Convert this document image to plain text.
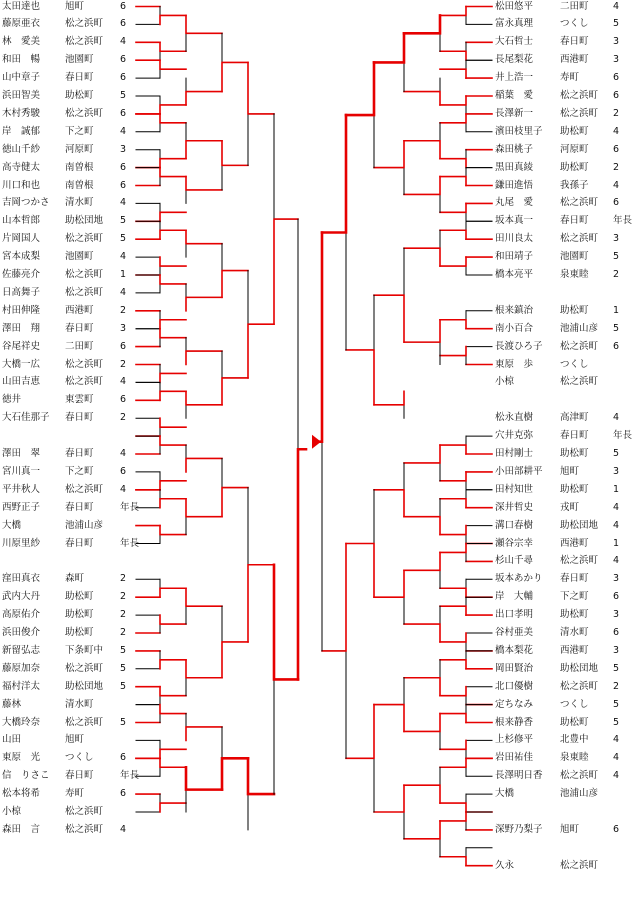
太田達也	旭町	6
藤原亜衣	松之浜町 6
林　愛美	松之浜町 4
和田　暢	池園町	6
山中章子	春日町	6
浜田智美	助松町	5
木村秀駿	松之浜町 6
岸　誠郁	下之町	4
徳山千紗	河原町	3
高寺健太	南曽根	6
川口和也	南曽根	6
吉岡つかさ 清水町	4
山本哲郎	助松団地 5
片岡国人	松之浜町 5
宮本成梨	池園町	4
佐藤亮介	松之浜町 1
日高舞子	松之浜町 4
村田伸隆	西港町	2
澤田　翔	春日町	3
谷尾祥史	二田町	6
大橋一広	松之浜町 2
山田吉恵	松之浜町 4
徳井	東雲町	6
大石佳那子 春日町	2
澤田　翠	春日町	4
宮川真一	下之町	6
平井秋人	松之浜町 4
西野正子	春日町	年長
大橋	池浦山彦
川原里紗	春日町	年長
窪田真衣	森町	2
武内大丹	助松町	2
高原佑介	助松町	2
浜田俊介	助松町	2
新留弘志	下条町中 5
藤原加奈	松之浜町 5
福村洋太	助松団地 5
藤林	清水町
大橋玲奈	松之浜町 5
山田	旭町
東原　光	つくし	6
信　りさこ 春日町	年長
松本将希	寿町	6
小椋	松之浜町
森田　言	松之浜町 4
松田悠平	二田町	4
富永真理	つくし	5
大石哲士	春日町	3
長尾梨花	西港町	3
井上浩一	寿町	6
稲葉　愛	松之浜町 6
長澤新一	松之浜町 2
濱田枝里子 助松町	4
森田桃子	河原町	6
黒田真綾	助松町	2
鎌田進悟	我孫子	4
丸尾　愛	松之浜町 6
坂本真一	春日町	年長
田川良太	松之浜町 3
和田靖子	池園町	5
橋本亮平	泉東睦	2
根来鎮治	助松町	1
南小百合	池浦山彦 5
長渡ひろ子 松之浜町 6
東原　歩	つくし
小椋	松之浜町
松永直樹	高津町	4
穴井克弥	春日町	年長
田村剛士	助松町	5
小田部耕平 旭町	3
田村知世	助松町	1
深井哲史	戎町	4
溝口春樹	助松団地 4
瀬谷宗幸	西港町	1
杉山千尋	松之浜町 4
坂本あかり 春日町	3
岸　大輔	下之町	6
出口孝明	助松町	3
谷村亜美	清水町	6
橋本梨花	西港町	3
岡田賢治	助松団地 5
北口優樹	松之浜町 2
定ちなみ	つくし	5
根来静香	助松町	5
上杉修平	北豊中	4
岩田祐佳	泉東睦	4
長澤明日香 松之浜町 4
大橋	池浦山彦
深野乃梨子 旭町	6
久永	松之浜町
